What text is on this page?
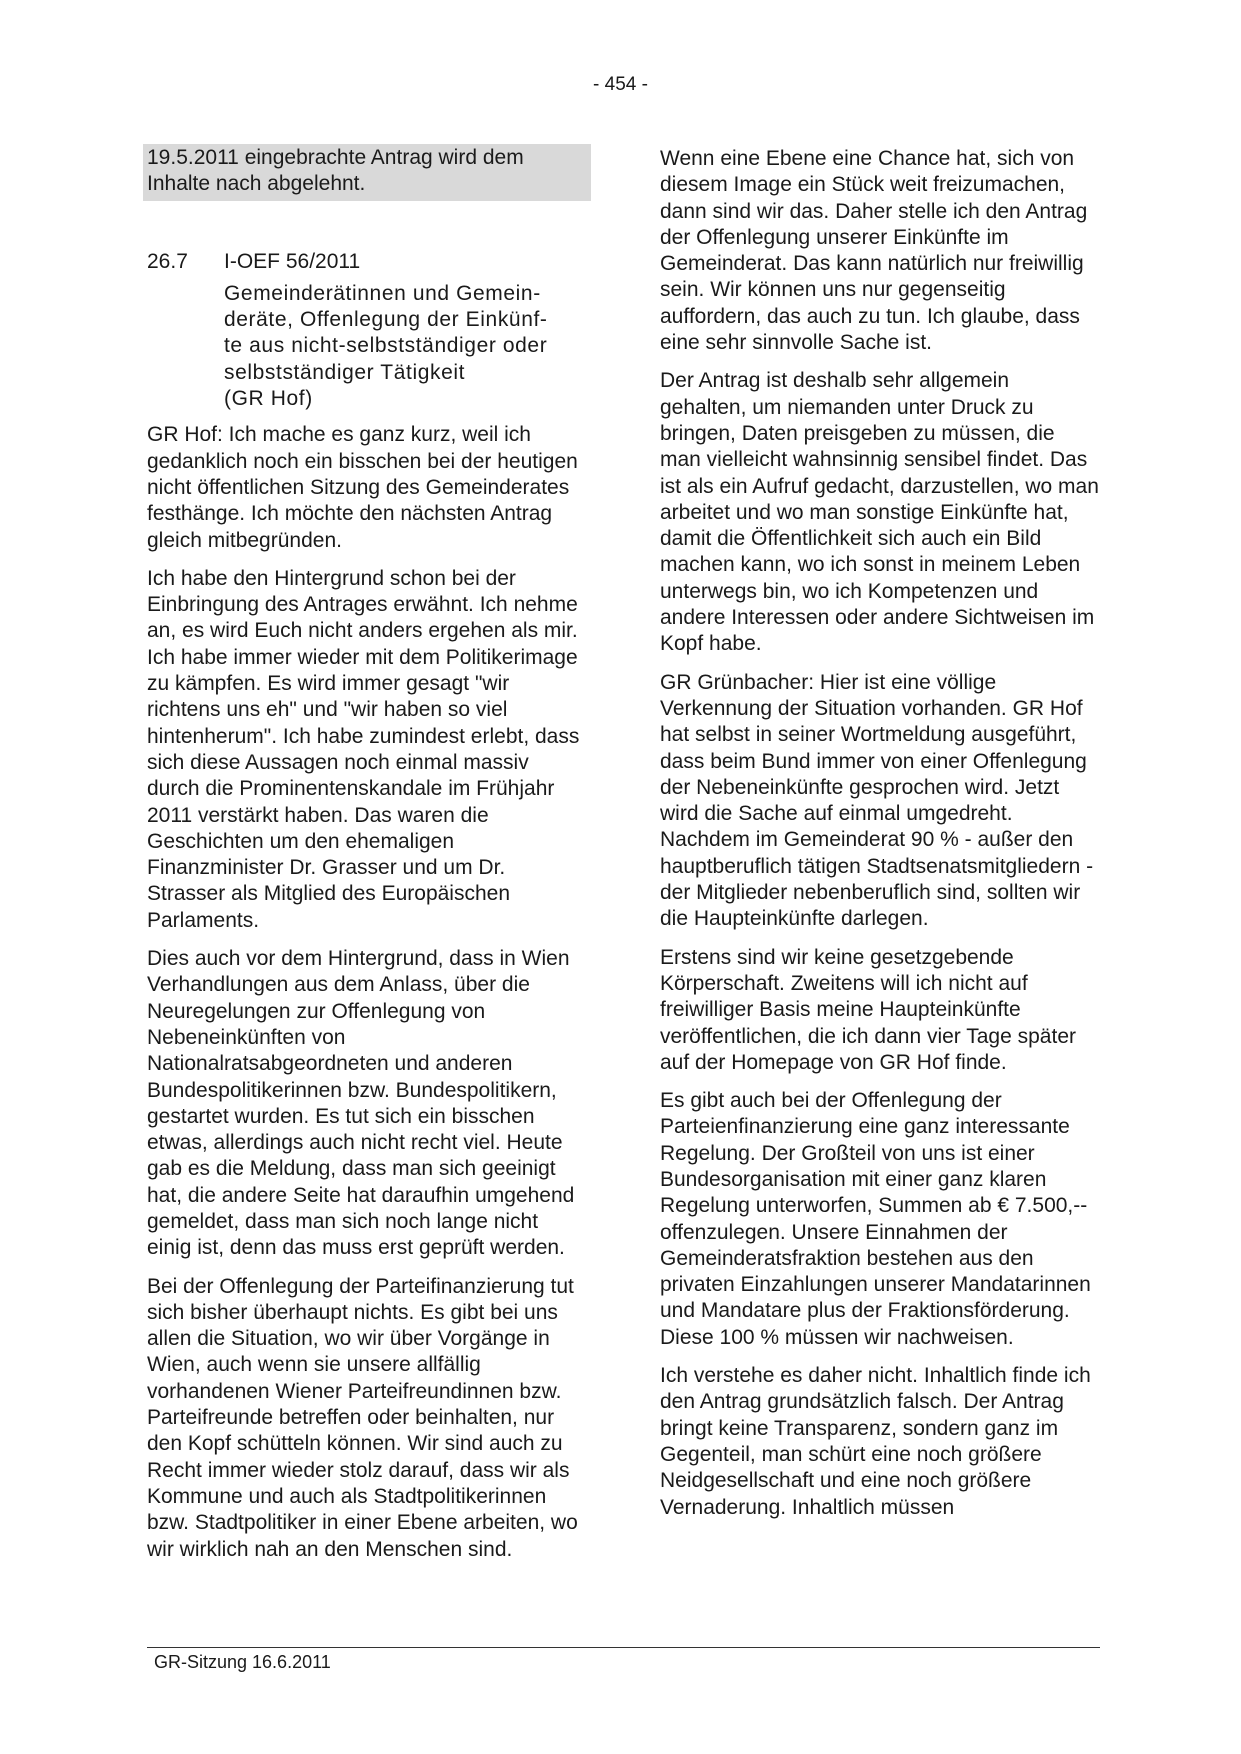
- 454 -

19.5.2011 eingebrachte Antrag wird dem Inhalte nach abgelehnt.

26.7	I-OEF 56/2011
Gemeinderätinnen und Gemein-
deräte, Offenlegung der Einkünf-
te aus nicht-selbstständiger oder
selbstständiger Tätigkeit
(GR Hof)

GR Hof: Ich mache es ganz kurz, weil ich gedanklich noch ein bisschen bei der heutigen nicht öffentlichen Sitzung des Gemeinderates festhänge. Ich möchte den nächsten Antrag gleich mitbegründen.

Ich habe den Hintergrund schon bei der Einbringung des Antrages erwähnt. Ich nehme an, es wird Euch nicht anders ergehen als mir. Ich habe immer wieder mit dem Politikerimage zu kämpfen. Es wird immer gesagt "wir richtens uns eh" und "wir haben so viel hintenherum". Ich habe zumindest erlebt, dass sich diese Aussagen noch einmal massiv durch die Prominentenskandale im Frühjahr 2011 verstärkt haben. Das waren die Geschichten um den ehemaligen Finanzminister Dr. Grasser und um Dr. Strasser als Mitglied des Europäischen Parlaments.

Dies auch vor dem Hintergrund, dass in Wien Verhandlungen aus dem Anlass, über die Neuregelungen zur Offenlegung von Nebeneinkünften von Nationalratsabgeordneten und anderen Bundespolitikerinnen bzw. Bundespolitikern, gestartet wurden. Es tut sich ein bisschen etwas, allerdings auch nicht recht viel. Heute gab es die Meldung, dass man sich geeinigt hat, die andere Seite hat daraufhin umgehend gemeldet, dass man sich noch lange nicht einig ist, denn das muss erst geprüft werden.

Bei der Offenlegung der Parteifinanzierung tut sich bisher überhaupt nichts. Es gibt bei uns allen die Situation, wo wir über Vorgänge in Wien, auch wenn sie unsere allfällig vorhandenen Wiener Parteifreundinnen bzw. Parteifreunde betreffen oder beinhalten, nur den Kopf schütteln können. Wir sind auch zu Recht immer wieder stolz darauf, dass wir als Kommune und auch als Stadtpolitikerinnen bzw. Stadtpolitiker in einer Ebene arbeiten, wo wir wirklich nah an den Menschen sind.

Wenn eine Ebene eine Chance hat, sich von diesem Image ein Stück weit freizumachen, dann sind wir das. Daher stelle ich den Antrag der Offenlegung unserer Einkünfte im Gemeinderat. Das kann natürlich nur freiwillig sein. Wir können uns nur gegenseitig auffordern, das auch zu tun. Ich glaube, dass eine sehr sinnvolle Sache ist.

Der Antrag ist deshalb sehr allgemein gehalten, um niemanden unter Druck zu bringen, Daten preisgeben zu müssen, die man vielleicht wahnsinnig sensibel findet. Das ist als ein Aufruf gedacht, darzustellen, wo man arbeitet und wo man sonstige Einkünfte hat, damit die Öffentlichkeit sich auch ein Bild machen kann, wo ich sonst in meinem Leben unterwegs bin, wo ich Kompetenzen und andere Interessen oder andere Sichtweisen im Kopf habe.

GR Grünbacher: Hier ist eine völlige Verkennung der Situation vorhanden. GR Hof hat selbst in seiner Wortmeldung ausgeführt, dass beim Bund immer von einer Offenlegung der Nebeneinkünfte gesprochen wird. Jetzt wird die Sache auf einmal umgedreht. Nachdem im Gemeinderat 90 % - außer den hauptberuflich tätigen Stadtsenatsmitgliedern - der Mitglieder nebenberuflich sind, sollten wir die Haupteinkünfte darlegen.

Erstens sind wir keine gesetzgebende Körperschaft. Zweitens will ich nicht auf freiwilliger Basis meine Haupteinkünfte veröffentlichen, die ich dann vier Tage später auf der Homepage von GR Hof finde.

Es gibt auch bei der Offenlegung der Parteienfinanzierung eine ganz interessante Regelung. Der Großteil von uns ist einer Bundesorganisation mit einer ganz klaren Regelung unterworfen, Summen ab € 7.500,-- offenzulegen. Unsere Einnahmen der Gemeinderatsfraktion bestehen aus den privaten Einzahlungen unserer Mandatarinnen und Mandatare plus der Fraktionsförderung. Diese 100 % müssen wir nachweisen.

Ich verstehe es daher nicht. Inhaltlich finde ich den Antrag grundsätzlich falsch. Der Antrag bringt keine Transparenz, sondern ganz im Gegenteil, man schürt eine noch größere Neidgesellschaft und eine noch größere Vernaderung. Inhaltlich müssen

GR-Sitzung 16.6.2011
